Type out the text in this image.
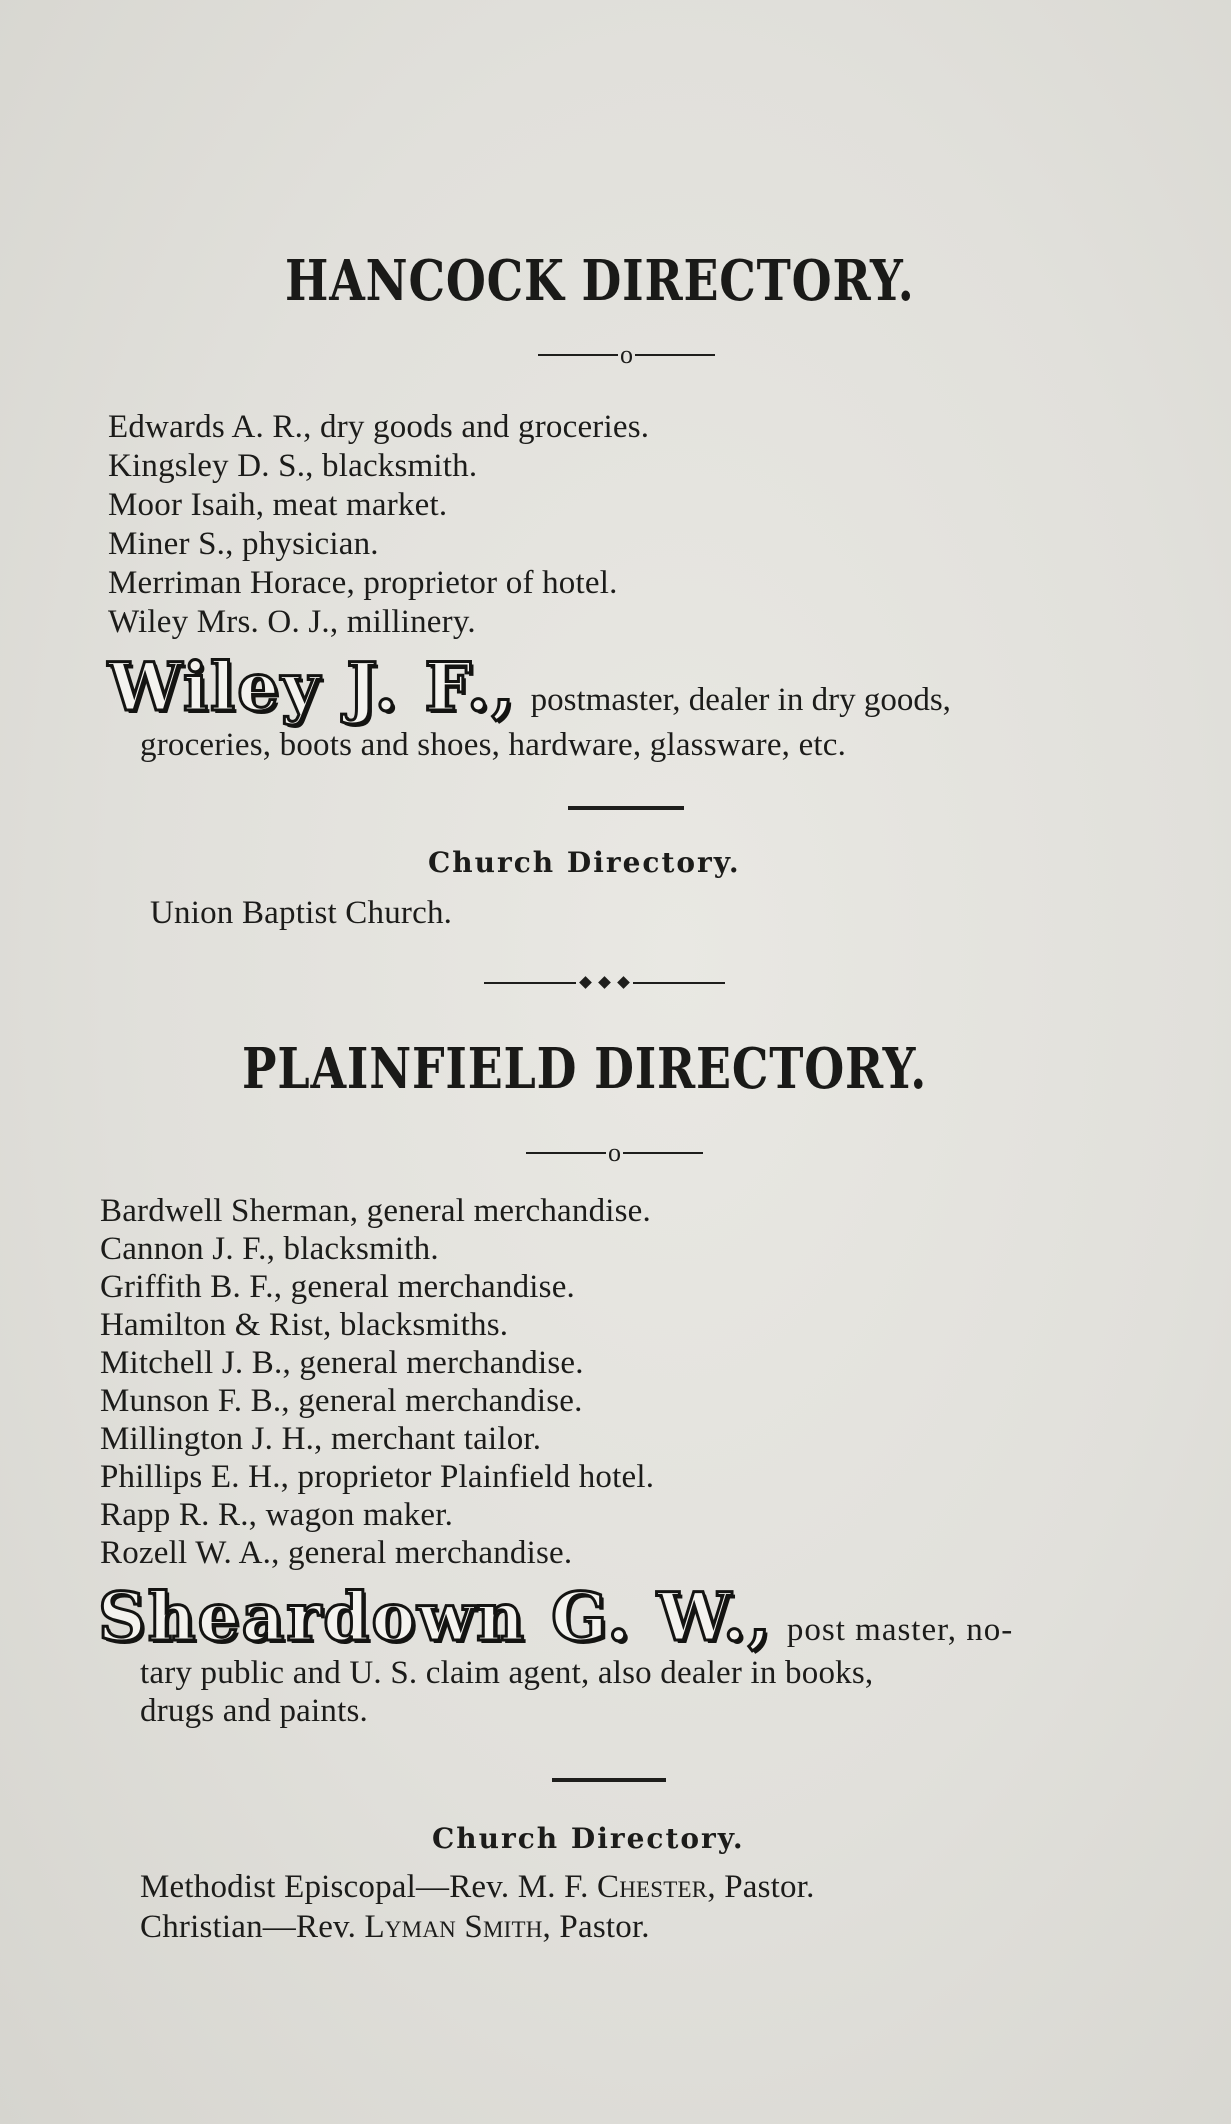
HANCOCK DIRECTORY.
o
Edwards A. R., dry goods and groceries.
Kingsley D. S., blacksmith.
Moor Isaih, meat market.
Miner S., physician.
Merriman Horace, proprietor of hotel.
Wiley Mrs. O. J., millinery.
Wiley J. F., postmaster, dealer in dry goods,
groceries, boots and shoes, hardware, glassware, etc.
Church Directory.
Union Baptist Church.
PLAINFIELD DIRECTORY.
o
Bardwell Sherman, general merchandise.
Cannon J. F., blacksmith.
Griffith B. F., general merchandise.
Hamilton & Rist, blacksmiths.
Mitchell J. B., general merchandise.
Munson F. B., general merchandise.
Millington J. H., merchant tailor.
Phillips E. H., proprietor Plainfield hotel.
Rapp R. R., wagon maker.
Rozell W. A., general merchandise.
Sheardown G. W., post master, no-
tary public and U. S. claim agent, also dealer in books,
drugs and paints.
Church Directory.
Methodist Episcopal—Rev. M. F. Chester, Pastor.
Christian—Rev. Lyman Smith, Pastor.
